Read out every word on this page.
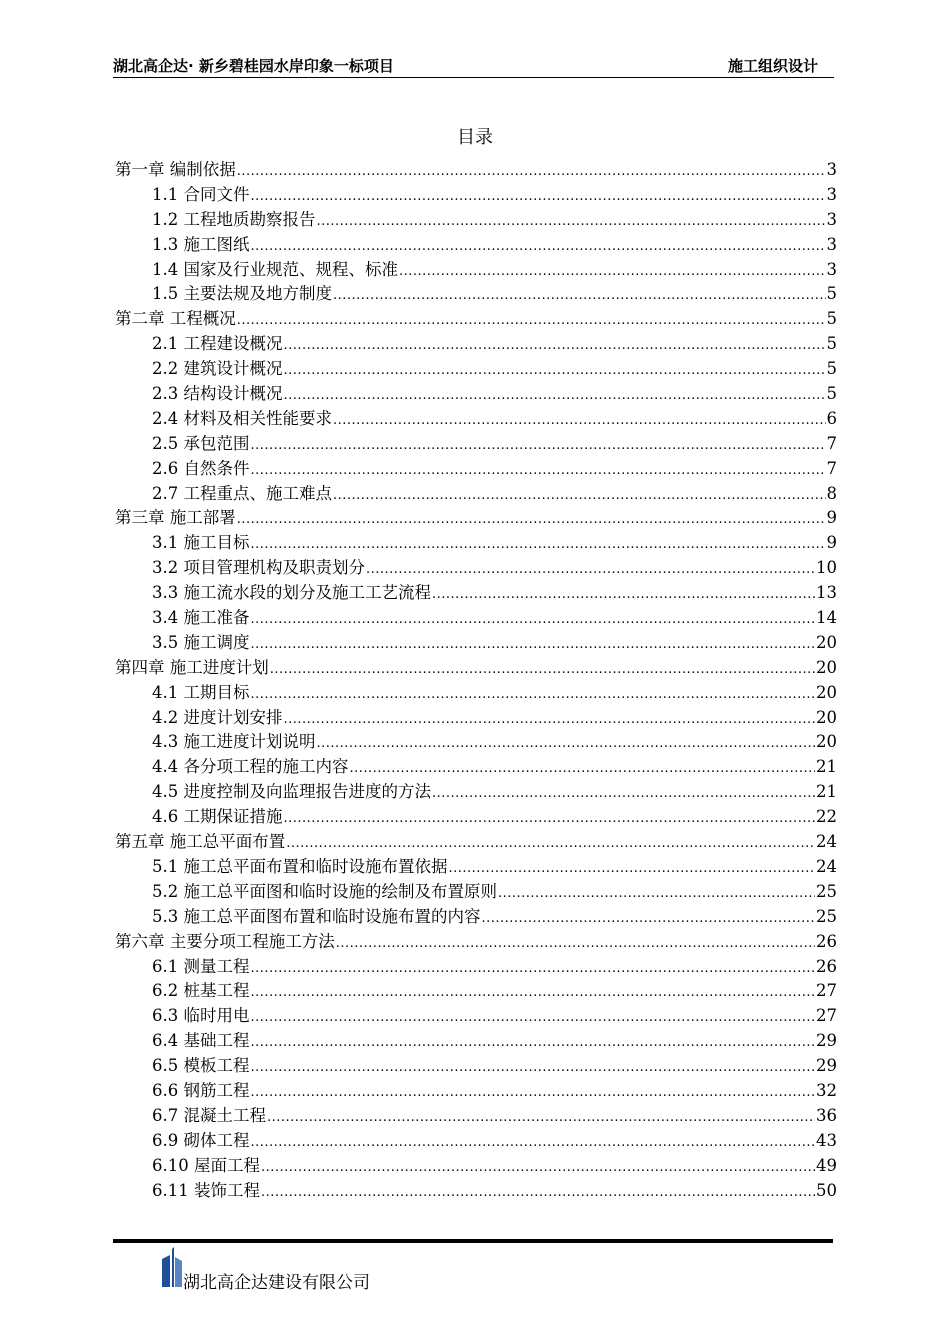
湖北高企达· 新乡碧桂园水岸印象一标项目	施工组织设计
目录
第一章 编制依据 .....	3
1.1 合同文件 .....	3
1.2 工程地质勘察报告 .....	3
1.3 施工图纸 .....	3
1.4 国家及行业规范、规程、标准 .....	3
1.5 主要法规及地方制度 .....	5
第二章 工程概况 .....	5
2.1 工程建设概况 .....	5
2.2 建筑设计概况 .....	5
2.3 结构设计概况 .....	5
2.4 材料及相关性能要求 .....	6
2.5 承包范围 .....	7
2.6 自然条件 .....	7
2.7 工程重点、施工难点 .....	8
第三章 施工部署 .....	9
3.1 施工目标 .....	9
3.2 项目管理机构及职责划分 .....	10
3.3 施工流水段的划分及施工工艺流程 .....	13
3.4 施工准备 .....	14
3.5 施工调度 .....	20
第四章 施工进度计划 .....	20
4.1 工期目标 .....	20
4.2 进度计划安排 .....	20
4.3 施工进度计划说明 .....	20
4.4 各分项工程的施工内容 .....	21
4.5 进度控制及向监理报告进度的方法 .....	21
4.6 工期保证措施 .....	22
第五章 施工总平面布置 .....	24
5.1 施工总平面布置和临时设施布置依据 .....	24
5.2 施工总平面图和临时设施的绘制及布置原则 .....	25
5.3 施工总平面图布置和临时设施布置的内容 .....	25
第六章 主要分项工程施工方法 .....	26
6.1 测量工程 .....	26
6.2 桩基工程 .....	27
6.3 临时用电 .....	27
6.4 基础工程 .....	29
6.5 模板工程 .....	29
6.6 钢筋工程 .....	32
6.7 混凝土工程 .....	36
6.9 砌体工程 .....	43
6.10 屋面工程 .....	49
6.11 装饰工程 .....	50
湖北高企达建设有限公司
